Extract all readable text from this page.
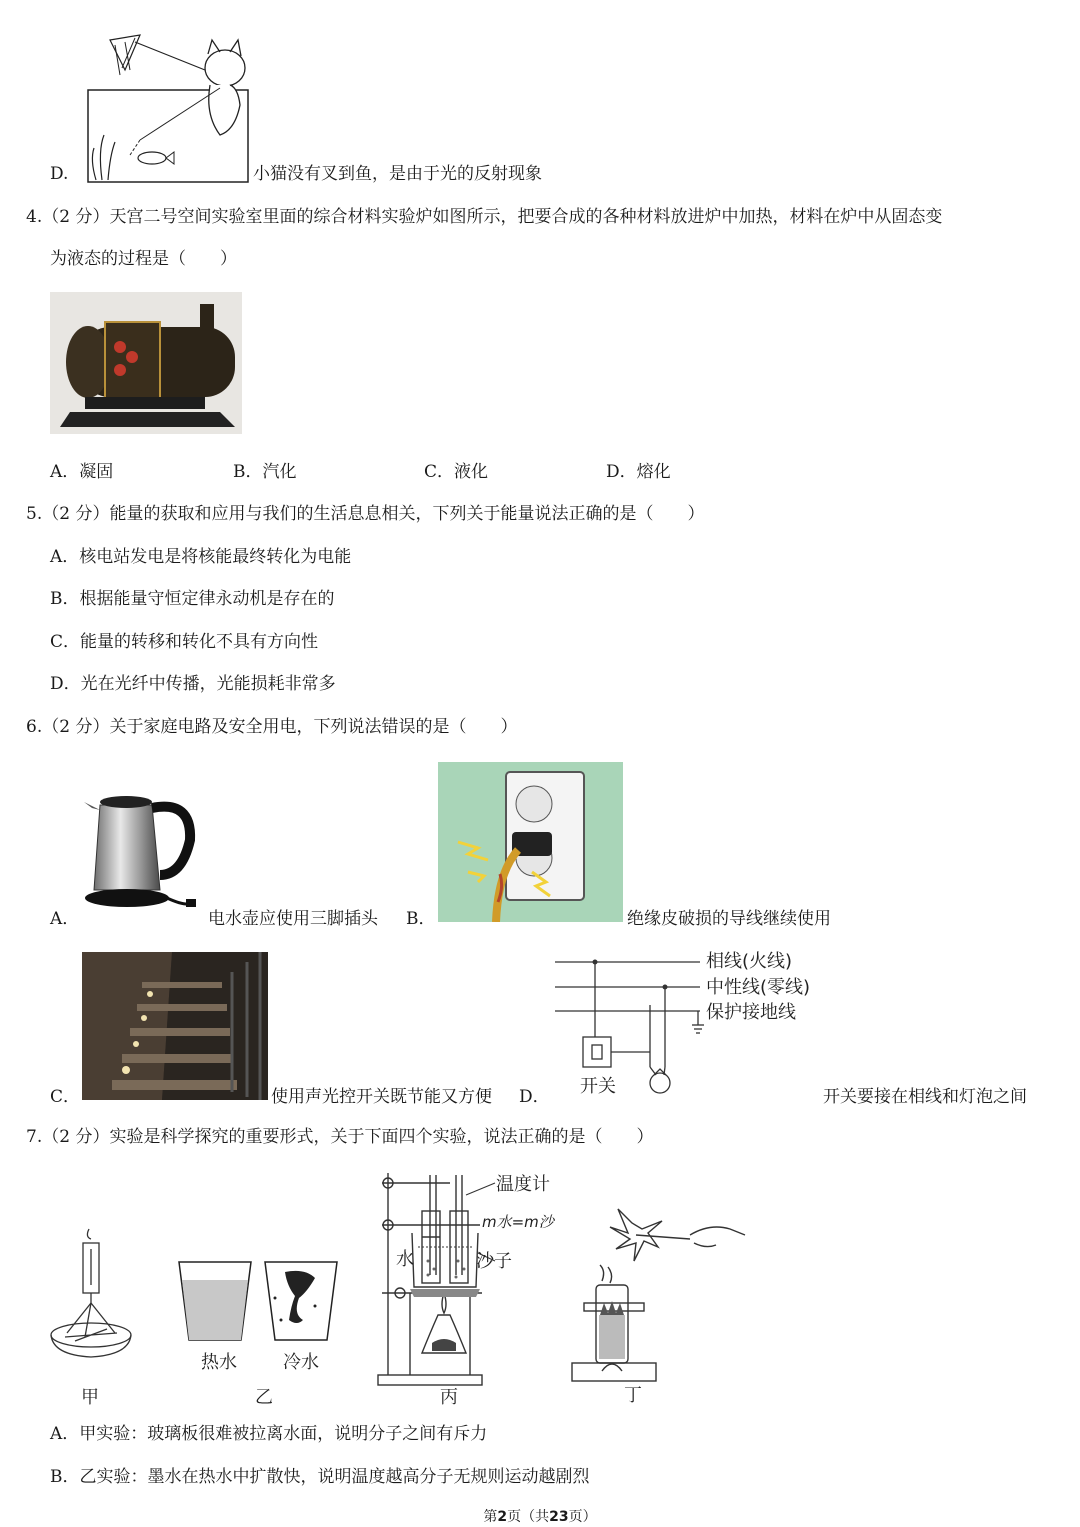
D.	小猫没有叉到鱼，是由于光的反射现象
4.（2 分）天宫二号空间实验室里面的综合材料实验炉如图所示，把要合成的各种材料放进炉中加热，材料在炉中从固态变
为液态的过程是（　　）
A．凝固	B．汽化	C．液化	D．熔化
5.（2 分）能量的获取和应用与我们的生活息息相关，下列关于能量说法正确的是（　　）
A．核电站发电是将核能最终转化为电能
B．根据能量守恒定律永动机是存在的
C．能量的转移和转化不具有方向性
D．光在光纤中传播，光能损耗非常多
6.（2 分）关于家庭电路及安全用电，下列说法错误的是（　　）
A．	电水壶应使用三脚插头 B．	绝缘皮破损的导线继续使用
C．	使用声光控开关既节能又方便 D．
相线(火线)
中性线(零线)
保护接地线
开关	开关要接在相线和灯泡之间
7.（2 分）实验是科学探究的重要形式，关于下面四个实验，说法正确的是（　　）
甲
热水	冷水
乙
温度计
m水=m沙
水	沙子
丙	丁
A．甲实验：玻璃板很难被拉离水面，说明分子之间有斥力
B．乙实验：墨水在热水中扩散快，说明温度越高分子无规则运动越剧烈
第2页（共23页）
